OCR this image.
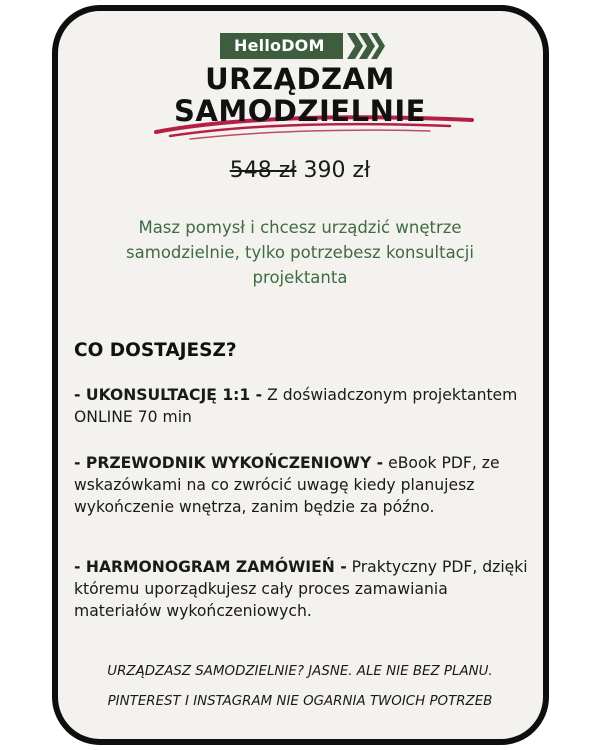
HelloDOM
URZĄDZAM
SAMODZIELNIE
548 zł 390 zł
Masz pomysł i chcesz urządzić wnętrze
samodzielnie, tylko potrzebesz konsultacji
projektanta
CO DOSTAJESZ?
- UKONSULTACJĘ 1:1 - Z doświadczonym projektantem ONLINE 70 min
- PRZEWODNIK WYKOŃCZENIOWY - eBook PDF, ze wskazówkami na co zwrócić uwagę kiedy planujesz wykończenie wnętrza, zanim będzie za późno.
- HARMONOGRAM ZAMÓWIEŃ - Praktyczny PDF, dzięki któremu uporządkujesz cały proces zamawiania materiałów wykończeniowych.
URZĄDZASZ SAMODZIELNIE? JASNE. ALE NIE BEZ PLANU.
PINTEREST I INSTAGRAM NIE OGARNIA TWOICH POTRZEB
